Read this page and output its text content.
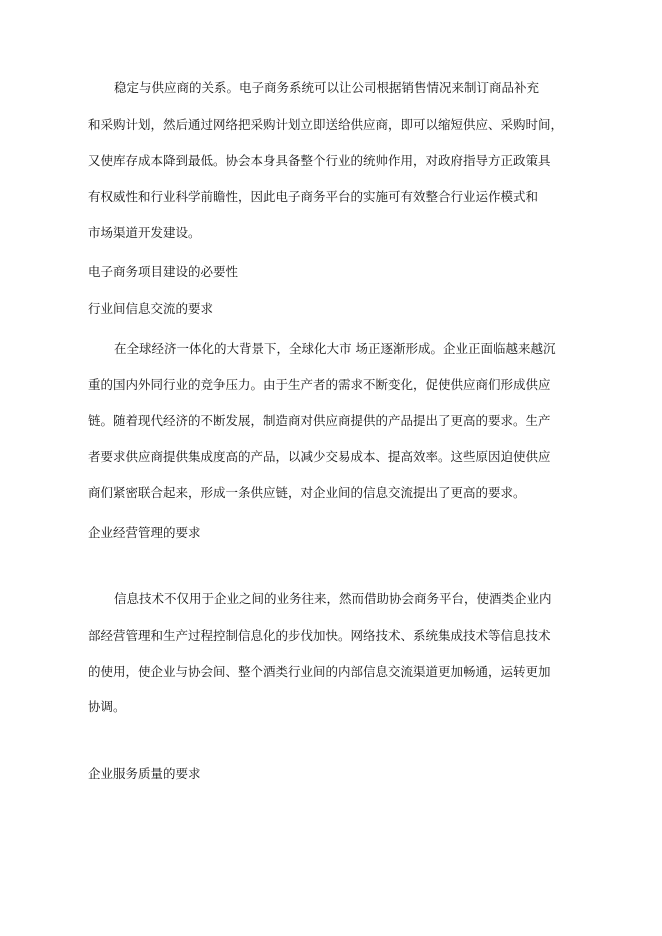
稳定与供应商的关系。电子商务系统可以让公司根据销售情况来制订商品补充
和采购计划，然后通过网络把采购计划立即送给供应商，即可以缩短供应、采购时间，
又使库存成本降到最低。协会本身具备整个行业的统帅作用，对政府指导方正政策具
有权威性和行业科学前瞻性，因此电子商务平台的实施可有效整合行业运作模式和
市场渠道开发建设。
电子商务项目建设的必要性
行业间信息交流的要求
在全球经济一体化的大背景下，全球化大市 场正逐渐形成。企业正面临越来越沉
重的国内外同行业的竞争压力。由于生产者的需求不断变化，促使供应商们形成供应
链。随着现代经济的不断发展，制造商对供应商提供的产品提出了更高的要求。生产
者要求供应商提供集成度高的产品，以减少交易成本、提高效率。这些原因迫使供应
商们紧密联合起来，形成一条供应链，对企业间的信息交流提出了更高的要求。
企业经营管理的要求
信息技术不仅用于企业之间的业务往来，然而借助协会商务平台，使酒类企业内
部经营管理和生产过程控制信息化的步伐加快。网络技术、系统集成技术等信息技术
的使用，使企业与协会间、整个酒类行业间的内部信息交流渠道更加畅通，运转更加
协调。
企业服务质量的要求
